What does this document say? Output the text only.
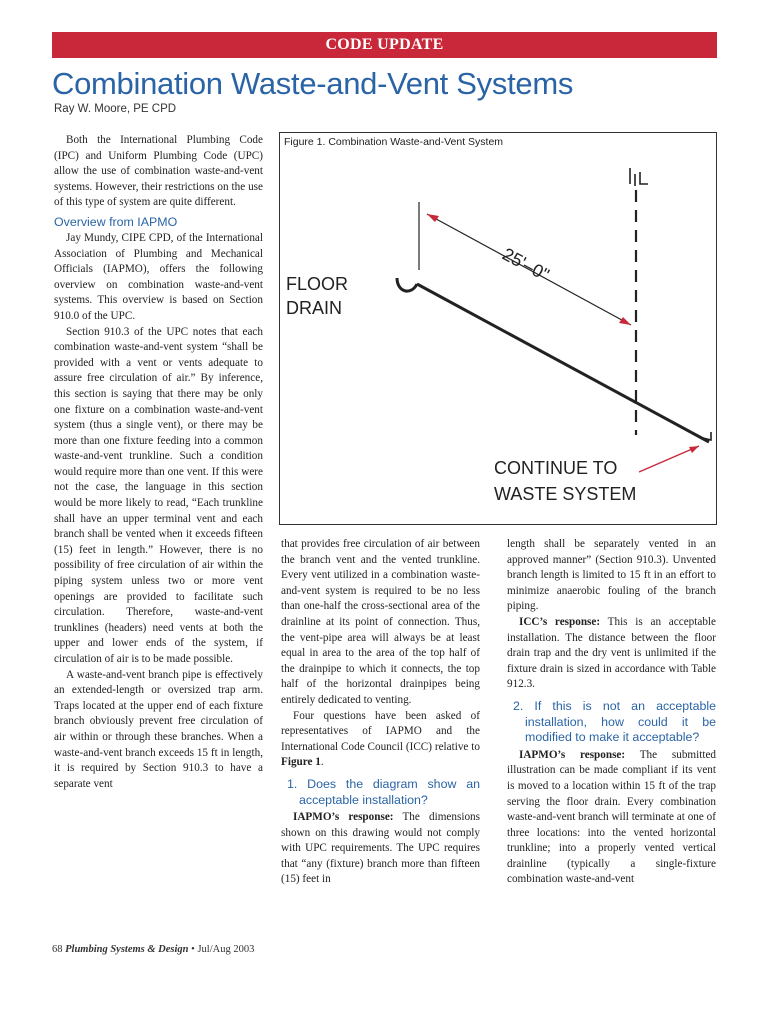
CODE UPDATE
Combination Waste-and-Vent Systems
Ray W. Moore, PE CPD

Both the International Plumbing Code (IPC) and Uniform Plumbing Code (UPC) allow the use of combination waste-and-vent systems. However, their restrictions on the use of this type of system are quite different.

Overview from IAPMO

Jay Mundy, CIPE CPD, of the International Association of Plumbing and Mechanical Officials (IAPMO), offers the following overview on combination waste-and-vent systems. This overview is based on Section 910.0 of the UPC.

Section 910.3 of the UPC notes that each combination waste-and-vent system “shall be provided with a vent or vents adequate to assure free circulation of air.” By inference, this section is saying that there may be only one fixture on a combination waste-and-vent system (thus a single vent), or there may be more than one fixture feeding into a common waste-and-vent trunkline. Such a condition would require more than one vent. If this were not the case, the language in this section would be more likely to read, “Each trunkline shall have an upper terminal vent and each branch shall be vented when it exceeds fifteen (15) feet in length.” However, there is no possibility of free circulation of air within the piping system unless two or more vent openings are provided to facilitate such circulation. Therefore, waste-and-vent trunklines (headers) need vents at both the upper and lower ends of the system, if circulation of air is to be made possible.

A waste-and-vent branch pipe is effectively an extended-length or oversized trap arm. Traps located at the upper end of each fixture branch obviously prevent free circulation of air within or through these branches. When a waste-and-vent branch exceeds 15 ft in length, it is required by Section 910.3 to have a separate vent

Figure 1. Combination Waste-and-Vent System
25'–0"
FLOOR
DRAIN
CONTINUE TO
WASTE SYSTEM

that provides free circulation of air between the branch vent and the vented trunkline. Every vent utilized in a combination waste-and-vent system is required to be no less than one-half the cross-sectional area of the drainline at its point of connection. Thus, the vent-pipe area will always be at least equal in area to the area of the top half of the drainpipe to which it connects, the top half of the horizontal drainpipes being entirely dedicated to venting.

Four questions have been asked of representatives of IAPMO and the International Code Council (ICC) relative to Figure 1.

1. Does the diagram show an acceptable installation?

IAPMO’s response: The dimensions shown on this drawing would not comply with UPC requirements. The UPC requires that “any (fixture) branch more than fifteen (15) feet in

length shall be separately vented in an approved manner” (Section 910.3). Unvented branch length is limited to 15 ft in an effort to minimize anaerobic fouling of the branch piping.

ICC’s response: This is an acceptable installation. The distance between the floor drain trap and the dry vent is unlimited if the fixture drain is sized in accordance with Table 912.3.

2. If this is not an acceptable installation, how could it be modified to make it acceptable?

IAPMO’s response: The submitted illustration can be made compliant if its vent is moved to a location within 15 ft of the trap serving the floor drain. Every combination waste-and-vent branch will terminate at one of three locations: into the vented horizontal trunkline; into a properly vented vertical drainline (typically a single-fixture combination waste-and-vent

68 Plumbing Systems & Design • Jul/Aug 2003
